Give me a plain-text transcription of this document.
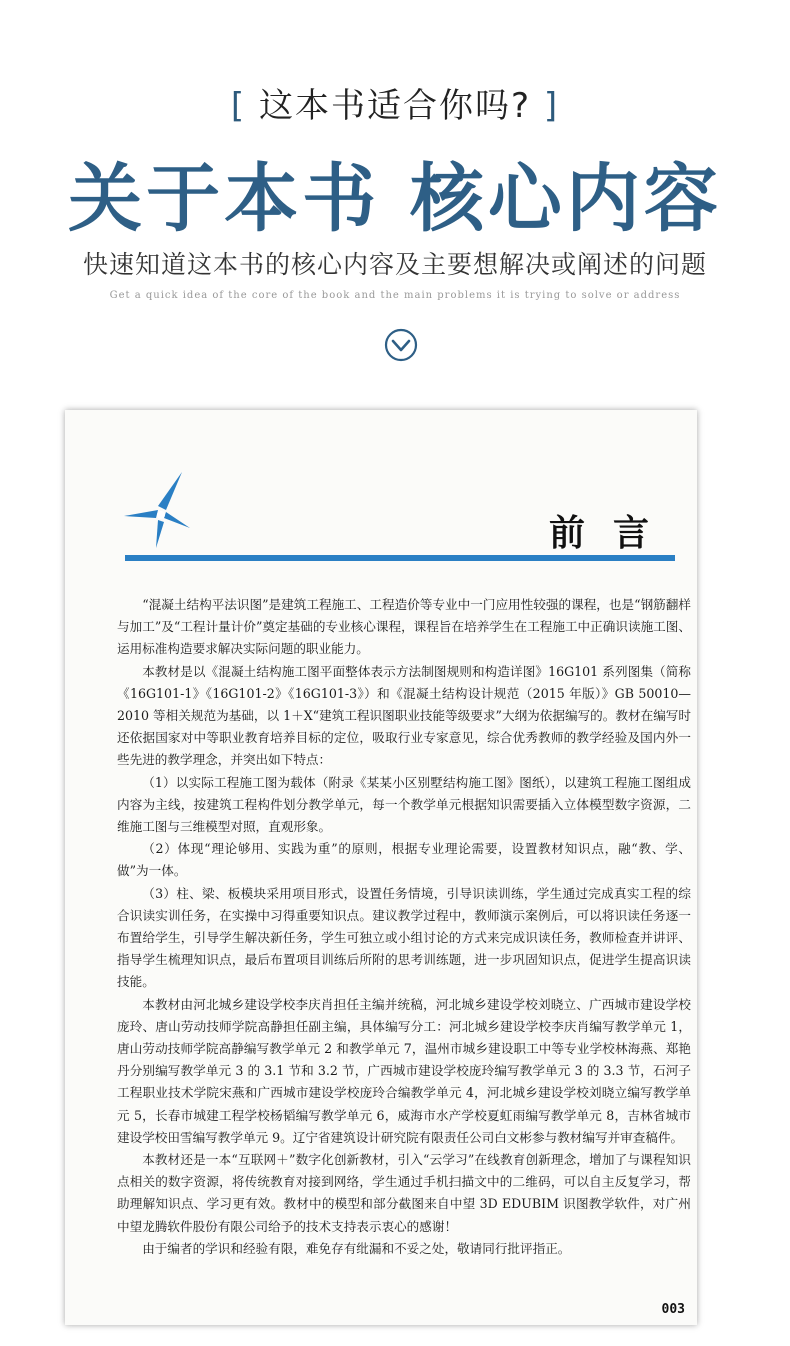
[ 这本书适合你吗? ]
关于本书 核心内容
快速知道这本书的核心内容及主要想解决或阐述的问题
Get a quick idea of the core of the book and the main problems it is trying to solve or address
前言

“混凝土结构平法识图”是建筑工程施工、工程造价等专业中一门应用性较强的课程，也是“钢筋翻样与加工”及“工程计量计价”奠定基础的专业核心课程，课程旨在培养学生在工程施工中正确识读施工图、运用标准构造要求解决实际问题的职业能力。

本教材是以《混凝土结构施工图平面整体表示方法制图规则和构造详图》16G101 系列图集（简称《16G101-1》《16G101-2》《16G101-3》）和《混凝土结构设计规范（2015 年版）》GB 50010—2010 等相关规范为基础，以 1＋X“建筑工程识图职业技能等级要求”大纲为依据编写的。教材在编写时还依据国家对中等职业教育培养目标的定位，吸取行业专家意见，综合优秀教师的教学经验及国内外一些先进的教学理念，并突出如下特点：

（1）以实际工程施工图为载体（附录《某某小区别墅结构施工图》图纸），以建筑工程施工图组成内容为主线，按建筑工程构件划分教学单元，每一个教学单元根据知识需要插入立体模型数字资源，二维施工图与三维模型对照，直观形象。

（2）体现“理论够用、实践为重”的原则，根据专业理论需要，设置教材知识点，融“教、学、做”为一体。

（3）柱、梁、板模块采用项目形式，设置任务情境，引导识读训练，学生通过完成真实工程的综合识读实训任务，在实操中习得重要知识点。建议教学过程中，教师演示案例后，可以将识读任务逐一布置给学生，引导学生解决新任务，学生可独立或小组讨论的方式来完成识读任务，教师检查并讲评、指导学生梳理知识点，最后布置项目训练后所附的思考训练题，进一步巩固知识点，促进学生提高识读技能。

本教材由河北城乡建设学校李庆肖担任主编并统稿，河北城乡建设学校刘晓立、广西城市建设学校庞玲、唐山劳动技师学院高静担任副主编，具体编写分工：河北城乡建设学校李庆肖编写教学单元 1，唐山劳动技师学院高静编写教学单元 2 和教学单元 7，温州市城乡建设职工中等专业学校林海燕、郑艳丹分别编写教学单元 3 的 3.1 节和 3.2 节，广西城市建设学校庞玲编写教学单元 3 的 3.3 节，石河子工程职业技术学院宋燕和广西城市建设学校庞玲合编教学单元 4，河北城乡建设学校刘晓立编写教学单元 5，长春市城建工程学校杨韬编写教学单元 6，威海市水产学校夏虹雨编写教学单元 8，吉林省城市建设学校田雪编写教学单元 9。辽宁省建筑设计研究院有限责任公司白文彬参与教材编写并审查稿件。

本教材还是一本“互联网＋”数字化创新教材，引入“云学习”在线教育创新理念，增加了与课程知识点相关的数字资源，将传统教育对接到网络，学生通过手机扫描文中的二维码，可以自主反复学习，帮助理解知识点、学习更有效。教材中的模型和部分截图来自中望 3D EDUBIM 识图教学软件，对广州中望龙腾软件股份有限公司给予的技术支持表示衷心的感谢！

由于编者的学识和经验有限，难免存有纰漏和不妥之处，敬请同行批评指正。

003
